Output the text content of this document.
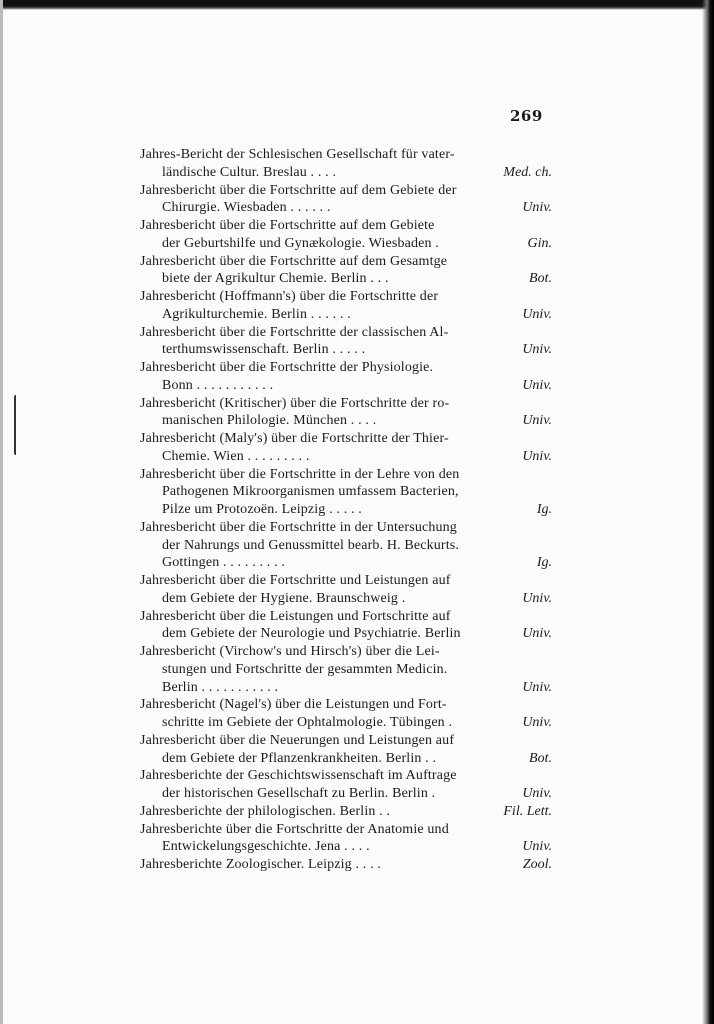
269
Jahres-Bericht der Schlesischen Gesellschaft für vater-
ländische Cultur. Breslau . . . .	Med. ch.
Jahresbericht über die Fortschritte auf dem Gebiete der
Chirurgie. Wiesbaden . . . . . .	Univ.
Jahresbericht über die Fortschritte auf dem Gebiete
der Geburtshilfe und Gynækologie. Wiesbaden .	Gin.
Jahresbericht über die Fortschritte auf dem Gesamtge
biete der Agrikultur Chemie. Berlin . . .	Bot.
Jahresbericht (Hoffmann's) über die Fortschritte der
Agrikulturchemie. Berlin . . . . . .	Univ.
Jahresbericht über die Fortschritte der classischen Al-
terthumswissenschaft. Berlin . . . . .	Univ.
Jahresbericht über die Fortschritte der Physiologie.
Bonn . . . . . . . . . . .	Univ.
Jahresbericht (Kritischer) über die Fortschritte der ro-
manischen Philologie. München . . . .	Univ.
Jahresbericht (Maly's) über die Fortschritte der Thier-
Chemie. Wien . . . . . . . . .	Univ.
Jahresbericht über die Fortschritte in der Lehre von den
Pathogenen Mikroorganismen umfassem Bacterien,
Pilze um Protozoën. Leipzig . . . . .	Ig.
Jahresbericht über die Fortschritte in der Untersuchung
der Nahrungs und Genussmittel bearb. H. Beckurts.
Gottingen . . . . . . . . .	Ig.
Jahresbericht über die Fortschritte und Leistungen auf
dem Gebiete der Hygiene. Braunschweig .	Univ.
Jahresbericht über die Leistungen und Fortschritte auf
dem Gebiete der Neurologie und Psychiatrie. Berlin	Univ.
Jahresbericht (Virchow's und Hirsch's) über die Lei-
stungen und Fortschritte der gesammten Medicin.
Berlin . . . . . . . . . . .	Univ.
Jahresbericht (Nagel's) über die Leistungen und Fort-
schritte im Gebiete der Ophtalmologie. Tübingen .	Univ.
Jahresbericht über die Neuerungen und Leistungen auf
dem Gebiete der Pflanzenkrankheiten. Berlin . .	Bot.
Jahresberichte der Geschichtswissenschaft im Auftrage
der historischen Gesellschaft zu Berlin. Berlin .	Univ.
Jahresberichte der philologischen. Berlin . .	Fil. Lett.
Jahresberichte über die Fortschritte der Anatomie und
Entwickelungsgeschichte. Jena . . . .	Univ.
Jahresberichte Zoologischer. Leipzig . . . .	Zool.
